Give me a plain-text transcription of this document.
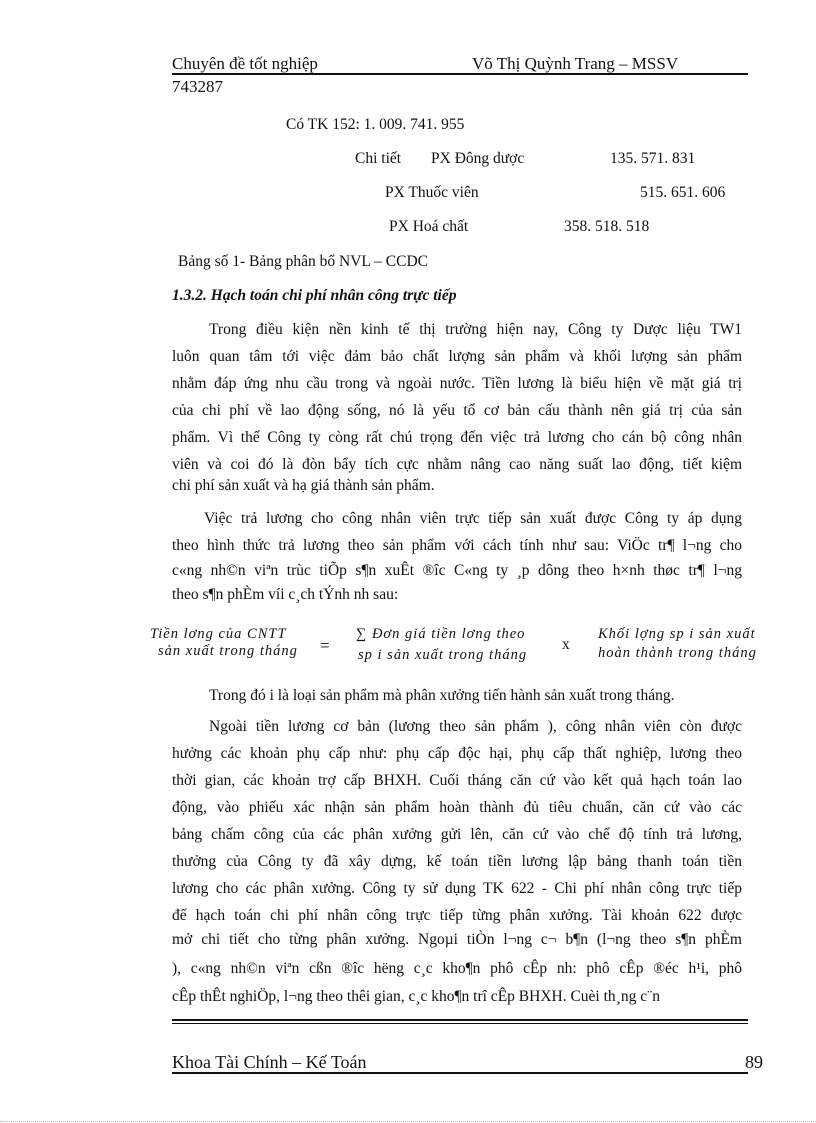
Chuyên đề tốt nghiệp	Võ Thị Quỳnh Trang – MSSV
743287
Có TK 152: 1. 009. 741. 955
Chi tiết PX Đông dược	135. 571. 831
PX Thuốc viên	515. 651. 606
PX Hoá chất	358. 518. 518
Bảng số 1- Bảng phân bổ NVL – CCDC
1.3.2. Hạch toán chi phí nhân công trực tiếp
Trong điều kiện nền kinh tế thị trường hiện nay, Công ty Dược liệu TW1
luôn quan tâm tới việc đảm bảo chất lượng sản phẩm và khối lượng sản phẩm
nhằm đáp ứng nhu cầu trong và ngoài nước. Tiền lương là biểu hiện về mặt giá trị
của chi phí về lao động sống, nó là yếu tố cơ bản cấu thành nên giá trị của sản
phẩm. Vì thế Công ty còng rất chú trọng đến việc trả lương cho cán bộ công nhân
viên và coi đó là đòn bẩy tích cực nhằm nâng cao năng suất lao động, tiết kiệm
chi phí sản xuất và hạ giá thành sản phẩm.
Việc trả lương cho công nhân viên trực tiếp sản xuất được Công ty áp dụng
theo hình thức trả lương theo sản phẩm với cách tính như sau: ViÖc tr¶ l¬ng cho
c«ng nh©n viªn trùc tiÕp s¶n xuÊt ®îc C«ng ty ¸p dông theo h×nh thøc tr¶ l¬ng
theo s¶n phÈm víi c¸ch tÝnh nh sau:
Tiền lơng của CNTT
sản xuất trong tháng =
∑ Đơn giá tiền lơng theo
sp i sản xuất trong tháng
x
Khối lợng sp i sản xuất
hoàn thành trong tháng
Trong đó i là loại sản phẩm mà phân xưởng tiến hành sản xuất trong tháng.
Ngoài tiền lương cơ bản (lương theo sản phẩm ), công nhân viên còn được
hưởng các khoản phụ cấp như: phụ cấp độc hại, phụ cấp thất nghiệp, lương theo
thời gian, các khoản trợ cấp BHXH. Cuối tháng căn cứ vào kết quả hạch toán lao
động, vào phiếu xác nhận sản phẩm hoàn thành đủ tiêu chuẩn, căn cứ vào các
bảng chấm công của các phân xưởng gửi lên, căn cứ vào chế độ tính trả lương,
thưởng của Công ty đã xây dựng, kế toán tiền lương lập bảng thanh toán tiền
lương cho các phân xưởng. Công ty sử dụng TK 622 - Chi phí nhân công trực tiếp
để hạch toán chi phí nhân công trực tiếp từng phân xưởng. Tài khoản 622 được
mở chi tiết cho từng phân xưởng. Ngoµi tiÒn l¬ng c¬ b¶n (l¬ng theo s¶n phÈm
), c«ng nh©n viªn cßn ®îc hëng c¸c kho¶n phô cÊp nh: phô cÊp ®éc h¹i, phô
cÊp thÊt nghiÖp, l¬ng theo thêi gian, c¸c kho¶n trî cÊp BHXH. Cuèi th¸ng c¨n
Khoa Tài Chính – Kế Toán	89
